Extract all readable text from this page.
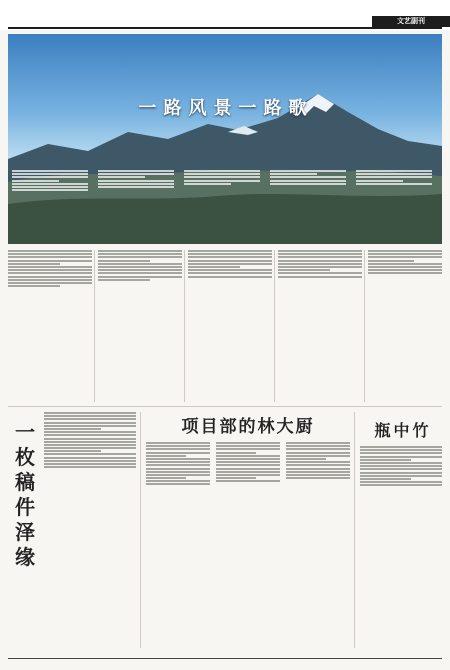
文艺副刊
一路风景一路歌
一枚稿件泽缘
项目部的林大厨	瓶中竹
